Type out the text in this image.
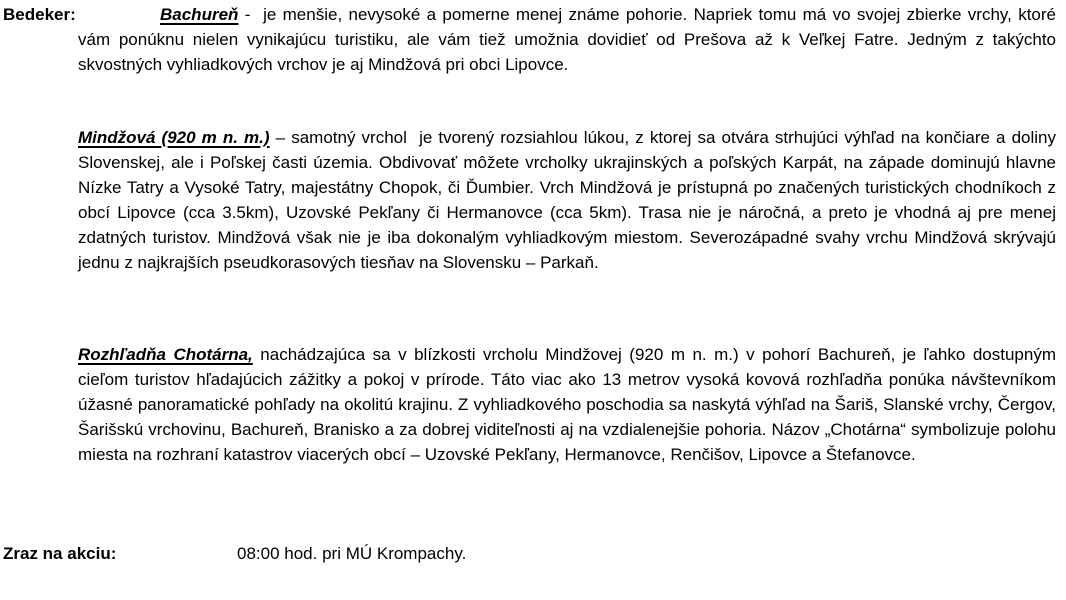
Bedeker:	Bachureň -  je menšie, nevysoké a pomerne menej známe pohorie. Napriek tomu má vo svojej zbierke vrchy, ktoré vám ponúknu nielen vynikajúcu turistiku, ale vám tiež umožnia dovidieť od Prešova až k Veľkej Fatre. Jedným z takýchto skvostných vyhliadkových vrchov je aj Mindžová pri obci Lipovce.

Mindžová (920 m n. m.) – samotný vrchol  je tvorený rozsiahlou lúkou, z ktorej sa otvára strhujúci výhľad na končiare a doliny Slovenskej, ale i Poľskej časti územia. Obdivovať môžete vrcholky ukrajinských a poľských Karpát, na západe dominujú hlavne Nízke Tatry a Vysoké Tatry, majestátny Chopok, či Ďumbier. Vrch Mindžová je prístupná po značených turistických chodníkoch z obcí Lipovce (cca 3.5km), Uzovské Pekľany či Hermanovce (cca 5km). Trasa nie je náročná, a preto je vhodná aj pre menej zdatných turistov. Mindžová však nie je iba dokonalým vyhliadkovým miestom. Severozápadné svahy vrchu Mindžová skrývajú jednu z najkrajších pseudkorasových tiesňav na Slovensku – Parkaň.

Rozhľadňa Chotárna, nachádzajúca sa v blízkosti vrcholu Mindžovej (920 m n. m.) v pohorí Bachureň, je ľahko dostupným cieľom turistov hľadajúcich zážitky a pokoj v prírode. Táto viac ako 13 metrov vysoká kovová rozhľadňa ponúka návštevníkom úžasné panoramatické pohľady na okolitú krajinu. Z vyhliadkového poschodia sa naskytá výhľad na Šariš, Slanské vrchy, Čergov, Šarišskú vrchovinu, Bachureň, Branisko a za dobrej viditeľnosti aj na vzdialenejšie pohoria. Názov „Chotárna“ symbolizuje polohu miesta na rozhraní katastrov viacerých obcí – Uzovské Pekľany, Hermanovce, Renčišov, Lipovce a Štefanovce.

Zraz na akciu:	08:00 hod. pri MÚ Krompachy.
